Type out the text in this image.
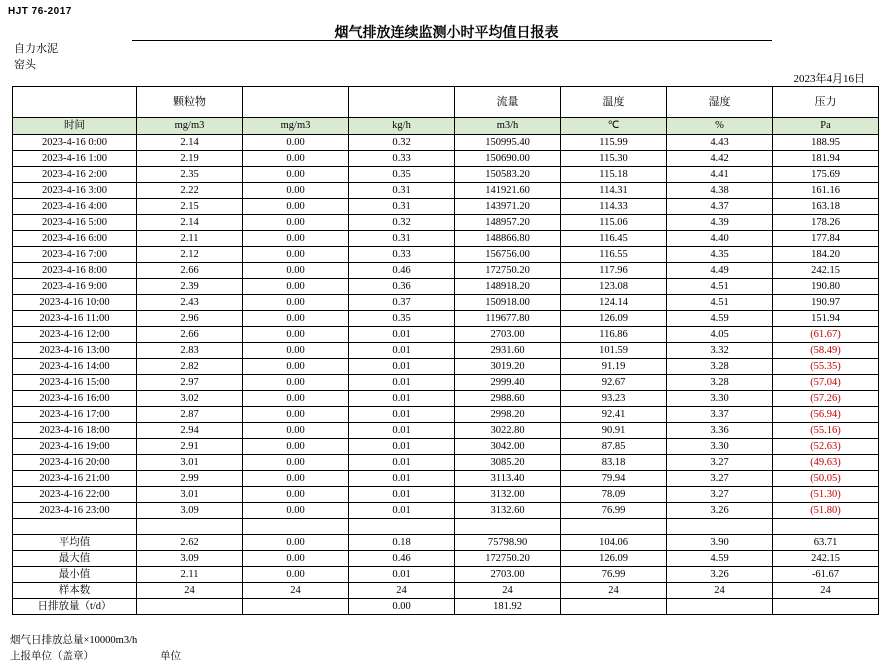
HJT 76-2017
烟气排放连续监测小时平均值日报表
自力水泥
窑头
2023年4月16日
	颗粒物			流量	温度	湿度	压力
时间	mg/m3	mg/m3	kg/h	m3/h	℃	%	Pa
2023-4-16 0:00	2.14	0.00	0.32	150995.40	115.99	4.43	188.95
2023-4-16 1:00	2.19	0.00	0.33	150690.00	115.30	4.42	181.94
2023-4-16 2:00	2.35	0.00	0.35	150583.20	115.18	4.41	175.69
2023-4-16 3:00	2.22	0.00	0.31	141921.60	114.31	4.38	161.16
2023-4-16 4:00	2.15	0.00	0.31	143971.20	114.33	4.37	163.18
2023-4-16 5:00	2.14	0.00	0.32	148957.20	115.06	4.39	178.26
2023-4-16 6:00	2.11	0.00	0.31	148866.80	116.45	4.40	177.84
2023-4-16 7:00	2.12	0.00	0.33	156756.00	116.55	4.35	184.20
2023-4-16 8:00	2.66	0.00	0.46	172750.20	117.96	4.49	242.15
2023-4-16 9:00	2.39	0.00	0.36	148918.20	123.08	4.51	190.80
2023-4-16 10:00	2.43	0.00	0.37	150918.00	124.14	4.51	190.97
2023-4-16 11:00	2.96	0.00	0.35	119677.80	126.09	4.59	151.94
2023-4-16 12:00	2.66	0.00	0.01	2703.00	116.86	4.05	(61.67)
2023-4-16 13:00	2.83	0.00	0.01	2931.60	101.59	3.32	(58.49)
2023-4-16 14:00	2.82	0.00	0.01	3019.20	91.19	3.28	(55.35)
2023-4-16 15:00	2.97	0.00	0.01	2999.40	92.67	3.28	(57.04)
2023-4-16 16:00	3.02	0.00	0.01	2988.60	93.23	3.30	(57.26)
2023-4-16 17:00	2.87	0.00	0.01	2998.20	92.41	3.37	(56.94)
2023-4-16 18:00	2.94	0.00	0.01	3022.80	90.91	3.36	(55.16)
2023-4-16 19:00	2.91	0.00	0.01	3042.00	87.85	3.30	(52.63)
2023-4-16 20:00	3.01	0.00	0.01	3085.20	83.18	3.27	(49.63)
2023-4-16 21:00	2.99	0.00	0.01	3113.40	79.94	3.27	(50.05)
2023-4-16 22:00	3.01	0.00	0.01	3132.00	78.09	3.27	(51.30)
2023-4-16 23:00	3.09	0.00	0.01	3132.60	76.99	3.26	(51.80)

平均值	2.62	0.00	0.18	75798.90	104.06	3.90	63.71
最大值	3.09	0.00	0.46	172750.20	126.09	4.59	242.15
最小值	2.11	0.00	0.01	2703.00	76.99	3.26	-61.67
样本数	24	24	24	24	24	24	24
日排放量（t/d）			0.00	181.92			
烟气日排放总量×10000m3/h
上报单位（盖章）	单位
